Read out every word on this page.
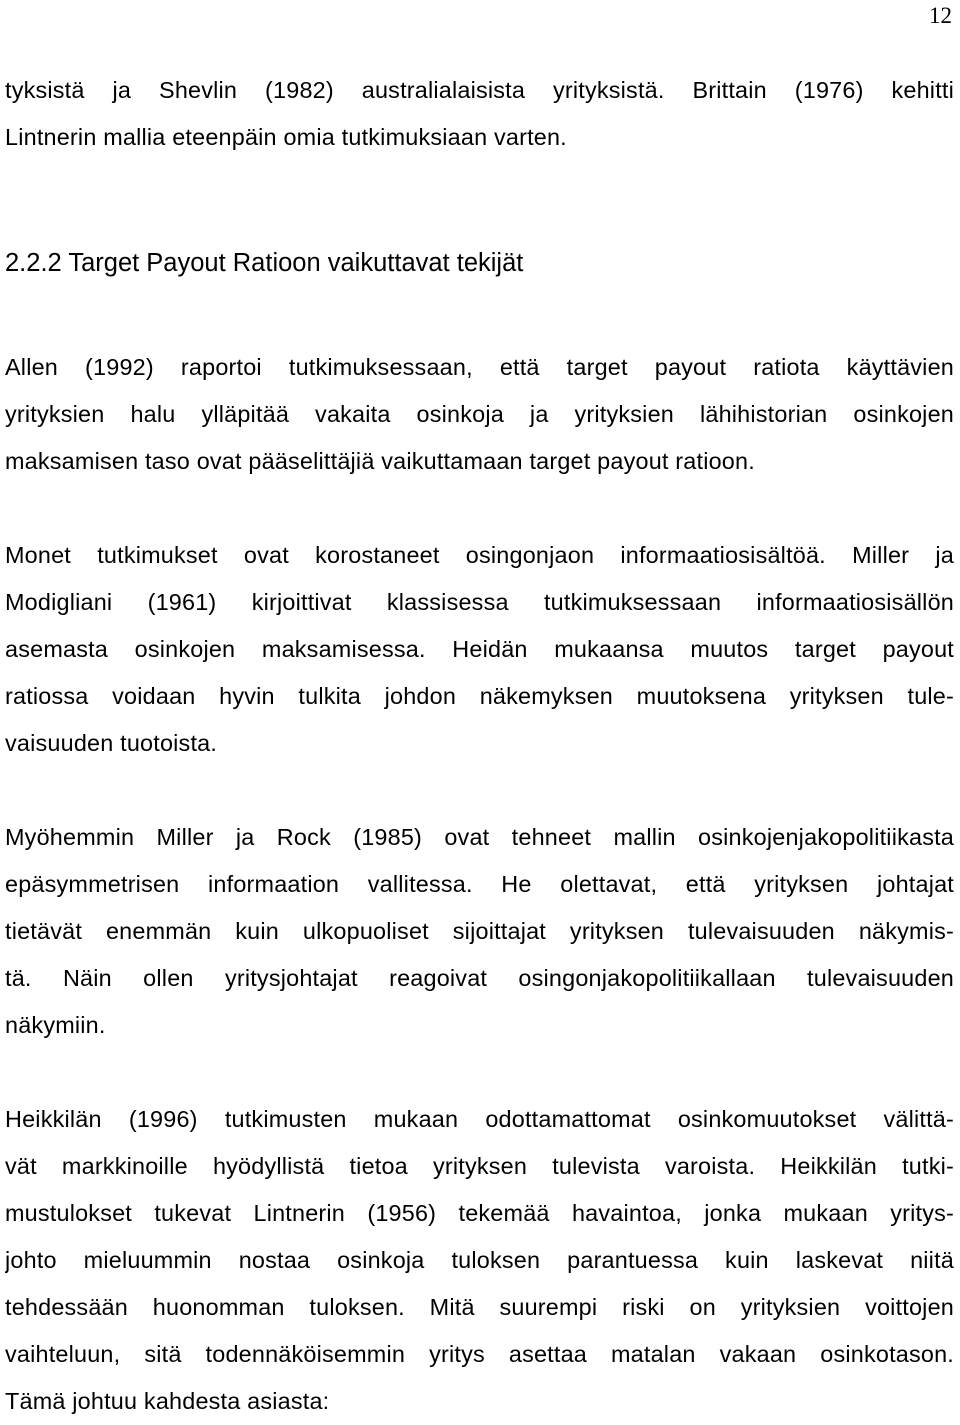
12

tyksistä ja Shevlin (1982) australialaisista yrityksistä. Brittain (1976) kehitti
Lintnerin mallia eteenpäin omia tutkimuksiaan varten.

2.2.2 Target Payout Ratioon vaikuttavat tekijät

Allen (1992) raportoi tutkimuksessaan, että target payout ratiota käyttävien
yrityksien halu ylläpitää vakaita osinkoja ja yrityksien lähihistorian osinkojen
maksamisen taso ovat pääselittäjiä vaikuttamaan target payout ratioon.

Monet tutkimukset ovat korostaneet osingonjaon informaatiosisältöä. Miller ja
Modigliani (1961) kirjoittivat klassisessa tutkimuksessaan informaatiosisällön
asemasta osinkojen maksamisessa. Heidän mukaansa muutos target payout
ratiossa voidaan hyvin tulkita johdon näkemyksen muutoksena yrityksen tule-
vaisuuden tuotoista.

Myöhemmin Miller ja Rock (1985) ovat tehneet mallin osinkojenjakopolitiikasta
epäsymmetrisen informaation vallitessa. He olettavat, että yrityksen johtajat
tietävät enemmän kuin ulkopuoliset sijoittajat yrityksen tulevaisuuden näkymis-
tä. Näin ollen yritysjohtajat reagoivat osingonjakopolitiikallaan tulevaisuuden
näkymiin.

Heikkilän (1996) tutkimusten mukaan odottamattomat osinkomuutokset välittä-
vät markkinoille hyödyllistä tietoa yrityksen tulevista varoista. Heikkilän tutki-
mustulokset tukevat Lintnerin (1956) tekemää havaintoa, jonka mukaan yritys-
johto mieluummin nostaa osinkoja tuloksen parantuessa kuin laskevat niitä
tehdessään huonomman tuloksen. Mitä suurempi riski on yrityksien voittojen
vaihteluun, sitä todennäköisemmin yritys asettaa matalan vakaan osinkotason.
Tämä johtuu kahdesta asiasta:
